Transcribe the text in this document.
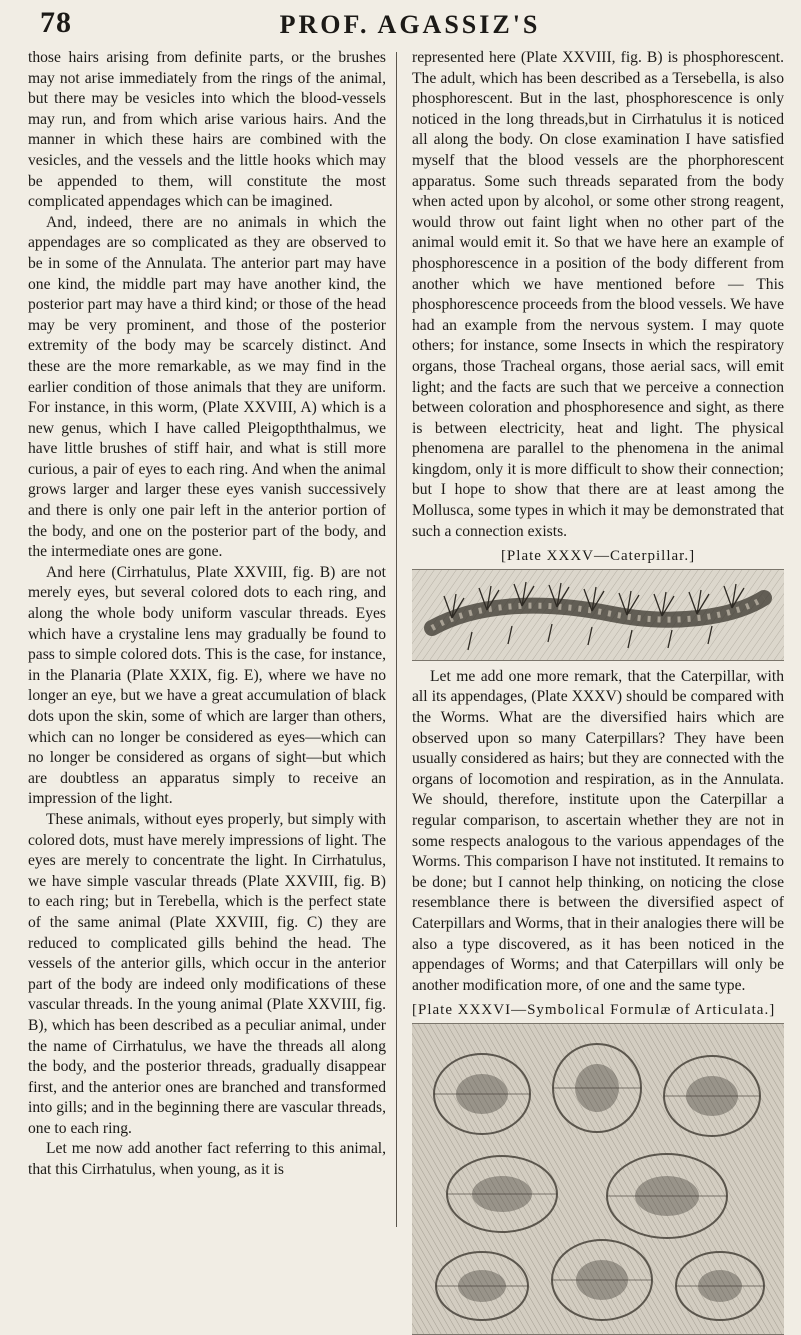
78	PROF. AGASSIZ'S

those hairs arising from definite parts, or the brushes may not arise immediately from the rings of the animal, but there may be vesicles into which the blood-vessels may run, and from which arise various hairs. And the manner in which these hairs are combined with the vesicles, and the vessels and the little hooks which may be appended to them, will constitute the most complicated appendages which can be imagined.

And, indeed, there are no animals in which the appendages are so complicated as they are observed to be in some of the Annulata. The anterior part may have one kind, the middle part may have another kind, the posterior part may have a third kind; or those of the head may be very prominent, and those of the posterior extremity of the body may be scarcely distinct. And these are the more remarkable, as we may find in the earlier condition of those animals that they are uniform. For instance, in this worm, (Plate XXVIII, A) which is a new genus, which I have called Pleigopththalmus, we have little brushes of stiff hair, and what is still more curious, a pair of eyes to each ring. And when the animal grows larger and larger these eyes vanish successively and there is only one pair left in the anterior portion of the body, and one on the posterior part of the body, and the intermediate ones are gone.

And here (Cirrhatulus, Plate XXVIII, fig. B) are not merely eyes, but several colored dots to each ring, and along the whole body uniform vascular threads. Eyes which have a crystaline lens may gradually be found to pass to simple colored dots. This is the case, for instance, in the Planaria (Plate XXIX, fig. E), where we have no longer an eye, but we have a great accumulation of black dots upon the skin, some of which are larger than others, which can no longer be considered as eyes—which can no longer be considered as organs of sight—but which are doubtless an apparatus simply to receive an impression of the light.

These animals, without eyes properly, but simply with colored dots, must have merely impressions of light. The eyes are merely to concentrate the light. In Cirrhatulus, we have simple vascular threads (Plate XXVIII, fig. B) to each ring; but in Terebella, which is the perfect state of the same animal (Plate XXVIII, fig. C) they are reduced to complicated gills behind the head. The vessels of the anterior gills, which occur in the anterior part of the body are indeed only modifications of these vascular threads. In the young animal (Plate XXVIII, fig. B), which has been described as a peculiar animal, under the name of Cirrhatulus, we have the threads all along the body, and the posterior threads, gradually disappear first, and the anterior ones are branched and transformed into gills; and in the beginning there are vascular threads, one to each ring.

Let me now add another fact referring to this animal, that this Cirrhatulus, when young, as it is

represented here (Plate XXVIII, fig. B) is phosphorescent. The adult, which has been described as a Tersebella, is also phosphorescent. But in the last, phosphorescence is only noticed in the long threads,but in Cirrhatulus it is noticed all along the body. On close examination I have satisfied myself that the blood vessels are the phorphorescent apparatus. Some such threads separated from the body when acted upon by alcohol, or some other strong reagent, would throw out faint light when no other part of the animal would emit it. So that we have here an example of phosphorescence in a position of the body different from another which we have mentioned before — This phosphorescence proceeds from the blood vessels. We have had an example from the nervous system. I may quote others; for instance, some Insects in which the respiratory organs, those Tracheal organs, those aerial sacs, will emit light; and the facts are such that we perceive a connection between coloration and phosphoresence and sight, as there is between electricity, heat and light. The physical phenomena are parallel to the phenomena in the animal kingdom, only it is more difficult to show their connection; but I hope to show that there are at least among the Mollusca, some types in which it may be demonstrated that such a connection exists.

[Plate XXXV—Caterpillar.]

Let me add one more remark, that the Caterpillar, with all its appendages, (Plate XXXV) should be compared with the Worms. What are the diversified hairs which are observed upon so many Caterpillars? They have been usually considered as hairs; but they are connected with the organs of locomotion and respiration, as in the Annulata. We should, therefore, institute upon the Caterpillar a regular comparison, to ascertain whether they are not in some respects analogous to the various appendages of the Worms. This comparison I have not instituted. It remains to be done; but I cannot help thinking, on noticing the close resemblance there is between the diversified aspect of Caterpillars and Worms, that in their analogies there will be also a type discovered, as it has been noticed in the appendages of Worms; and that Caterpillars will only be another modification more, of one and the same type.

[Plate XXXVI—Symbolical Formulæ of Articulata.]
